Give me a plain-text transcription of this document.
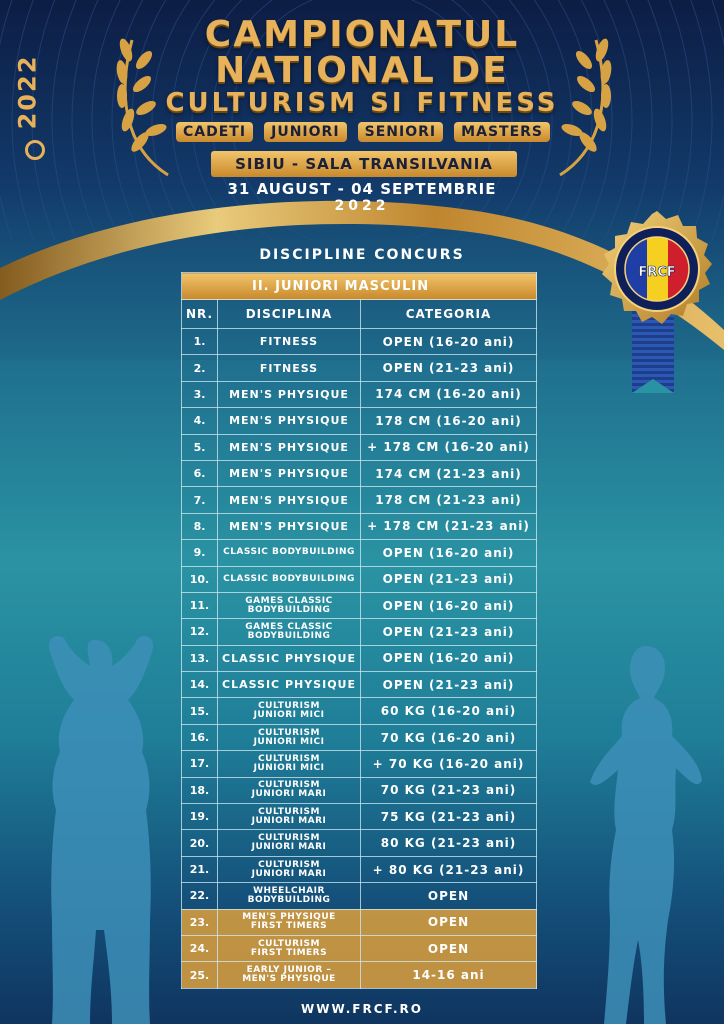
2022
CAMPIONATUL
NATIONAL DE
CULTURISM SI FITNESS
CADETI	JUNIORI	SENIORI	MASTERS
SIBIU - SALA TRANSILVANIA
31 AUGUST - 04 SEPTEMBRIE
2022
FRCF
DISCIPLINE CONCURS
II. JUNIORI MASCULIN		
NR.	DISCIPLINA	CATEGORIA
1.	FITNESS	OPEN (16-20 ani)
2.	FITNESS	OPEN (21-23 ani)
3.	MEN'S PHYSIQUE	174 CM (16-20 ani)
4.	MEN'S PHYSIQUE	178 CM (16-20 ani)
5.	MEN'S PHYSIQUE	+ 178 CM (16-20 ani)
6.	MEN'S PHYSIQUE	174 CM (21-23 ani)
7.	MEN'S PHYSIQUE	178 CM (21-23 ani)
8.	MEN'S PHYSIQUE	+ 178 CM (21-23 ani)
9.	CLASSIC BODYBUILDING	OPEN (16-20 ani)
10.	CLASSIC BODYBUILDING	OPEN (21-23 ani)
11.	GAMES CLASSIC
BODYBUILDING	OPEN (16-20 ani)
12.	GAMES CLASSIC
BODYBUILDING	OPEN (21-23 ani)
13.	CLASSIC PHYSIQUE	OPEN (16-20 ani)
14.	CLASSIC PHYSIQUE	OPEN (21-23 ani)
15.	CULTURISM
JUNIORI MICI	60 KG (16-20 ani)
16.	CULTURISM
JUNIORI MICI	70 KG (16-20 ani)
17.	CULTURISM
JUNIORI MICI	+ 70 KG (16-20 ani)
18.	CULTURISM
JUNIORI MARI	70 KG (21-23 ani)
19.	CULTURISM
JUNIORI MARI	75 KG (21-23 ani)
20.	CULTURISM
JUNIORI MARI	80 KG (21-23 ani)
21.	CULTURISM
JUNIORI MARI	+ 80 KG (21-23 ani)
22.	WHEELCHAIR
BODYBUILDING	OPEN
23.	MEN'S PHYSIQUE
FIRST TIMERS	OPEN
24.	CULTURISM
FIRST TIMERS	OPEN
25.	EARLY JUNIOR –
MEN'S PHYSIQUE	14-16 ani
WWW.FRCF.RO
